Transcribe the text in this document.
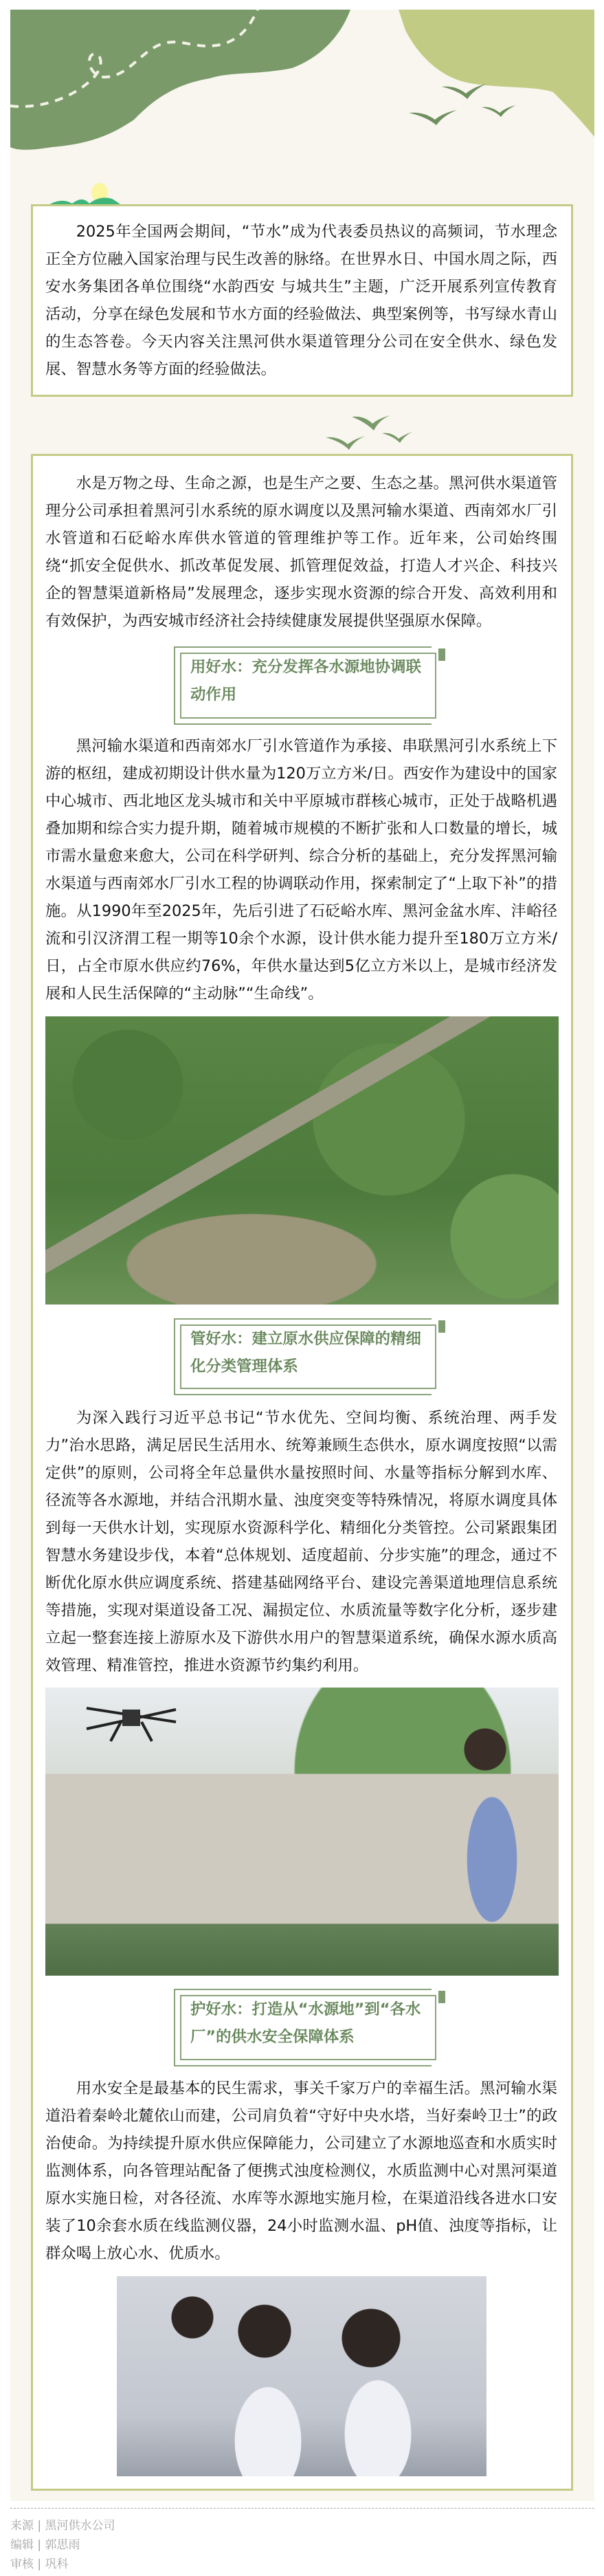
2025年全国两会期间，“节水”成为代表委员热议的高频词，节水理念正全方位融入国家治理与民生改善的脉络。在世界水日、中国水周之际，西安水务集团各单位围绕“水韵西安 与城共生”主题，广泛开展系列宣传教育活动，分享在绿色发展和节水方面的经验做法、典型案例等，书写绿水青山的生态答卷。今天内容关注黑河供水渠道管理分公司在安全供水、绿色发展、智慧水务等方面的经验做法。

水是万物之母、生命之源，也是生产之要、生态之基。黑河供水渠道管理分公司承担着黑河引水系统的原水调度以及黑河输水渠道、西南郊水厂引水管道和石砭峪水库供水管道的管理维护等工作。近年来，公司始终围绕“抓安全促供水、抓改革促发展、抓管理促效益，打造人才兴企、科技兴企的智慧渠道新格局”发展理念，逐步实现水资源的综合开发、高效利用和有效保护，为西安城市经济社会持续健康发展提供坚强原水保障。

用好水：充分发挥各水源地协调联动作用

黑河输水渠道和西南郊水厂引水管道作为承接、串联黑河引水系统上下游的枢纽，建成初期设计供水量为120万立方米/日。西安作为建设中的国家中心城市、西北地区龙头城市和关中平原城市群核心城市，正处于战略机遇叠加期和综合实力提升期，随着城市规模的不断扩张和人口数量的增长，城市需水量愈来愈大，公司在科学研判、综合分析的基础上，充分发挥黑河输水渠道与西南郊水厂引水工程的协调联动作用，探索制定了“上取下补”的措施。从1990年至2025年，先后引进了石砭峪水库、黑河金盆水库、沣峪径流和引汉济渭工程一期等10余个水源，设计供水能力提升至180万立方米/日，占全市原水供应约76%，年供水量达到5亿立方米以上，是城市经济发展和人民生活保障的“主动脉”“生命线”。

管好水：建立原水供应保障的精细化分类管理体系

为深入践行习近平总书记“节水优先、空间均衡、系统治理、两手发力”治水思路，满足居民生活用水、统筹兼顾生态供水，原水调度按照“以需定供”的原则，公司将全年总量供水量按照时间、水量等指标分解到水库、径流等各水源地，并结合汛期水量、浊度突变等特殊情况，将原水调度具体到每一天供水计划，实现原水资源科学化、精细化分类管控。公司紧跟集团智慧水务建设步伐，本着“总体规划、适度超前、分步实施”的理念，通过不断优化原水供应调度系统、搭建基础网络平台、建设完善渠道地理信息系统等措施，实现对渠道设备工况、漏损定位、水质流量等数字化分析，逐步建立起一整套连接上游原水及下游供水用户的智慧渠道系统，确保水源水质高效管理、精准管控，推进水资源节约集约利用。

护好水：打造从“水源地”到“各水厂”的供水安全保障体系

用水安全是最基本的民生需求，事关千家万户的幸福生活。黑河输水渠道沿着秦岭北麓依山而建，公司肩负着“守好中央水塔，当好秦岭卫士”的政治使命。为持续提升原水供应保障能力，公司建立了水源地巡查和水质实时监测体系，向各管理站配备了便携式浊度检测仪，水质监测中心对黑河渠道原水实施日检，对各径流、水库等水源地实施月检，在渠道沿线各进水口安装了10余套水质在线监测仪器，24小时监测水温、pH值、浊度等指标，让群众喝上放心水、优质水。

来源 | 黑河供水公司
编辑 | 郭思雨
审核 | 巩科
